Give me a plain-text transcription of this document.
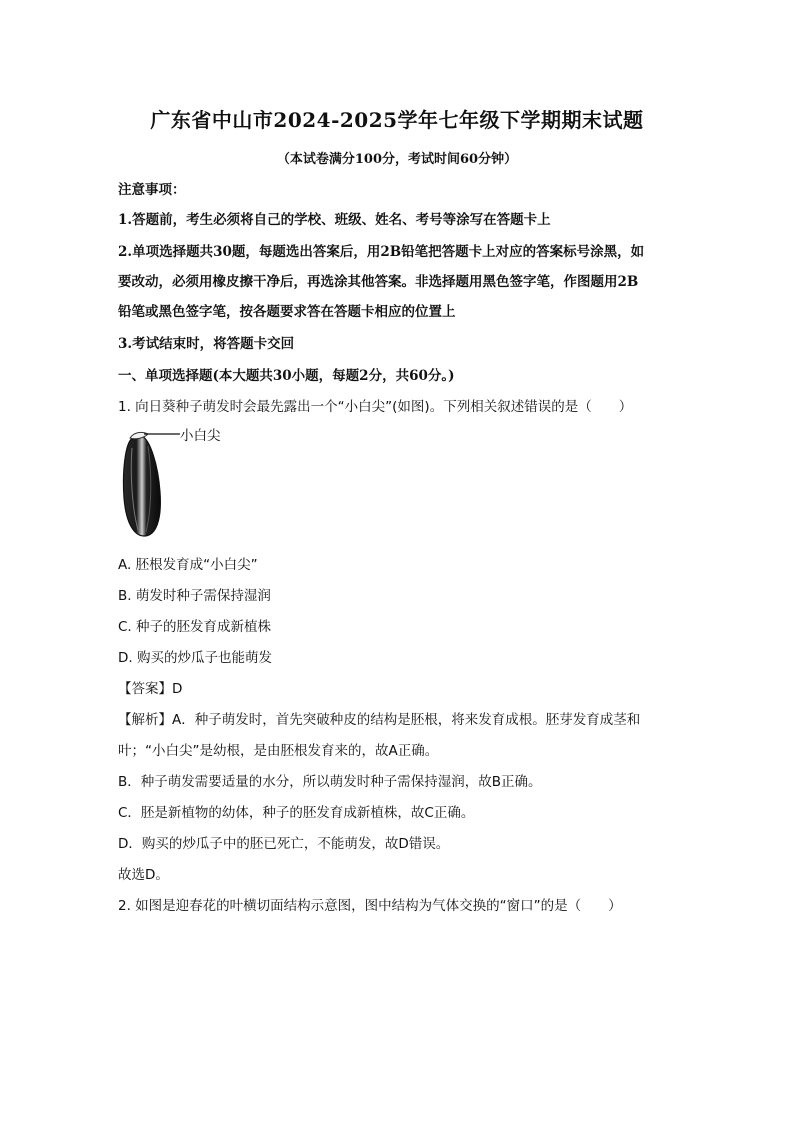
广东省中山市2024-2025学年七年级下学期期末试题
（本试卷满分100分，考试时间60分钟）
注意事项：
1.答题前，考生必须将自己的学校、班级、姓名、考号等涂写在答题卡上
2.单项选择题共30题，每题选出答案后，用2B铅笔把答题卡上对应的答案标号涂黑，如
要改动，必须用橡皮擦干净后，再选涂其他答案。非选择题用黑色签字笔，作图题用2B
铅笔或黑色签字笔，按各题要求答在答题卡相应的位置上
3.考试结束时，将答题卡交回
一、单项选择题(本大题共30小题，每题2分，共60分。)
1. 向日葵种子萌发时会最先露出一个“小白尖”(如图)。下列相关叙述错误的是（　　）
小白尖
A. 胚根发育成“小白尖”
B. 萌发时种子需保持湿润
C. 种子的胚发育成新植株
D. 购买的炒瓜子也能萌发
【答案】D
【解析】A．种子萌发时，首先突破种皮的结构是胚根，将来发育成根。胚芽发育成茎和
叶；“小白尖”是幼根，是由胚根发育来的，故A正确。
B．种子萌发需要适量的水分，所以萌发时种子需保持湿润，故B正确。
C．胚是新植物的幼体，种子的胚发育成新植株，故C正确。
D．购买的炒瓜子中的胚已死亡，不能萌发，故D错误。
故选D。
2. 如图是迎春花的叶横切面结构示意图，图中结构为气体交换的“窗口”的是（　　）
